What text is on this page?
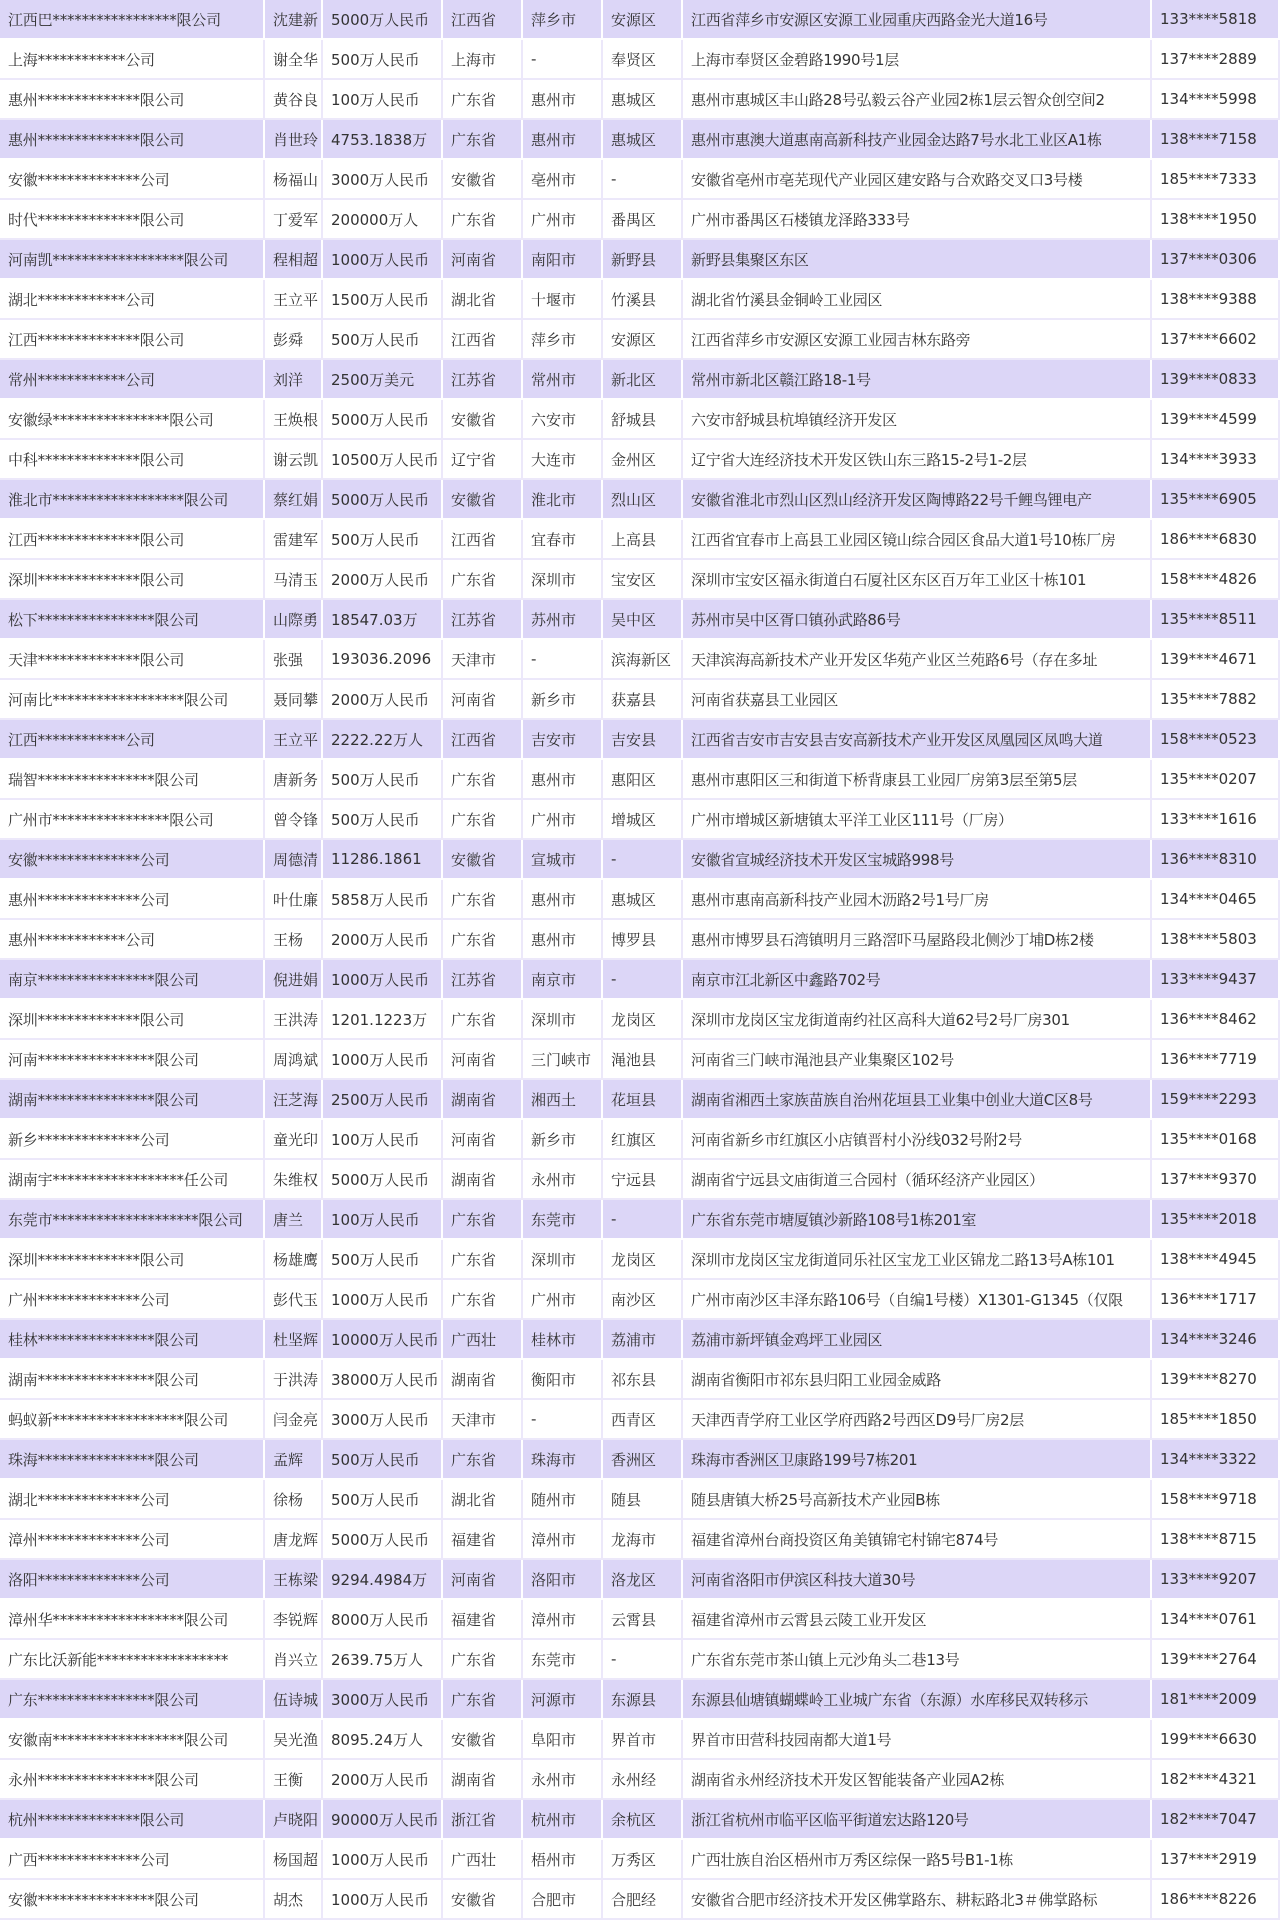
江西巴*****************限公司	沈建新	5000万人民币	江西省	萍乡市	安源区	江西省萍乡市安源区安源工业园重庆西路金光大道16号	133****5818
上海************公司	谢全华	500万人民币	上海市	-	奉贤区	上海市奉贤区金碧路1990号1层	137****2889
惠州**************限公司	黄谷良	100万人民币	广东省	惠州市	惠城区	惠州市惠城区丰山路28号弘毅云谷产业园2栋1层云智众创空间2	134****5998
惠州**************限公司	肖世玲	4753.1838万	广东省	惠州市	惠城区	惠州市惠澳大道惠南高新科技产业园金达路7号水北工业区A1栋	138****7158
安徽**************公司	杨福山	3000万人民币	安徽省	亳州市	-	安徽省亳州市亳芜现代产业园区建安路与合欢路交叉口3号楼	185****7333
时代**************限公司	丁爱军	200000万人	广东省	广州市	番禺区	广州市番禺区石楼镇龙泽路333号	138****1950
河南凯******************限公司	程相超	1000万人民币	河南省	南阳市	新野县	新野县集聚区东区	137****0306
湖北************公司	王立平	1500万人民币	湖北省	十堰市	竹溪县	湖北省竹溪县金铜岭工业园区	138****9388
江西**************限公司	彭舜	500万人民币	江西省	萍乡市	安源区	江西省萍乡市安源区安源工业园吉林东路旁	137****6602
常州************公司	刘洋	2500万美元	江苏省	常州市	新北区	常州市新北区赣江路18-1号	139****0833
安徽绿****************限公司	王焕根	5000万人民币	安徽省	六安市	舒城县	六安市舒城县杭埠镇经济开发区	139****4599
中科**************限公司	谢云凯	10500万人民币	辽宁省	大连市	金州区	辽宁省大连经济技术开发区铁山东三路15-2号1-2层	134****3933
淮北市******************限公司	蔡红娟	5000万人民币	安徽省	淮北市	烈山区	安徽省淮北市烈山区烈山经济开发区陶博路22号千鲤鸟锂电产	135****6905
江西**************限公司	雷建军	500万人民币	江西省	宜春市	上高县	江西省宜春市上高县工业园区镜山综合园区食品大道1号10栋厂房	186****6830
深圳**************限公司	马清玉	2000万人民币	广东省	深圳市	宝安区	深圳市宝安区福永街道白石厦社区东区百万年工业区十栋101	158****4826
松下****************限公司	山際勇	18547.03万	江苏省	苏州市	吴中区	苏州市吴中区胥口镇孙武路86号	135****8511
天津**************限公司	张强	193036.2096	天津市	-	滨海新区	天津滨海高新技术产业开发区华苑产业区兰苑路6号（存在多址	139****4671
河南比******************限公司	聂同攀	2000万人民币	河南省	新乡市	获嘉县	河南省获嘉县工业园区	135****7882
江西************公司	王立平	2222.22万人	江西省	吉安市	吉安县	江西省吉安市吉安县吉安高新技术产业开发区凤凰园区凤鸣大道	158****0523
瑞智****************限公司	唐新务	500万人民币	广东省	惠州市	惠阳区	惠州市惠阳区三和街道下桥背康县工业园厂房第3层至第5层	135****0207
广州市****************限公司	曾令锋	500万人民币	广东省	广州市	增城区	广州市增城区新塘镇太平洋工业区111号（厂房）	133****1616
安徽**************公司	周德清	11286.1861	安徽省	宣城市	-	安徽省宣城经济技术开发区宝城路998号	136****8310
惠州**************公司	叶仕廉	5858万人民币	广东省	惠州市	惠城区	惠州市惠南高新科技产业园木沥路2号1号厂房	134****0465
惠州************公司	王杨	2000万人民币	广东省	惠州市	博罗县	惠州市博罗县石湾镇明月三路滘吓马屋路段北侧沙丁埔D栋2楼	138****5803
南京****************限公司	倪进娟	1000万人民币	江苏省	南京市	-	南京市江北新区中鑫路702号	133****9437
深圳**************限公司	王洪涛	1201.1223万	广东省	深圳市	龙岗区	深圳市龙岗区宝龙街道南约社区高科大道62号2号厂房301	136****8462
河南****************限公司	周鸿斌	1000万人民币	河南省	三门峡市	渑池县	河南省三门峡市渑池县产业集聚区102号	136****7719
湖南****************限公司	汪芝海	2500万人民币	湖南省	湘西土	花垣县	湖南省湘西土家族苗族自治州花垣县工业集中创业大道C区8号	159****2293
新乡**************公司	童光印	100万人民币	河南省	新乡市	红旗区	河南省新乡市红旗区小店镇晋村小汾线032号附2号	135****0168
湖南宇******************任公司	朱维权	5000万人民币	湖南省	永州市	宁远县	湖南省宁远县文庙街道三合园村（循环经济产业园区）	137****9370
东莞市********************限公司	唐兰	100万人民币	广东省	东莞市	-	广东省东莞市塘厦镇沙新路108号1栋201室	135****2018
深圳**************限公司	杨雄鹰	500万人民币	广东省	深圳市	龙岗区	深圳市龙岗区宝龙街道同乐社区宝龙工业区锦龙二路13号A栋101	138****4945
广州**************公司	彭代玉	1000万人民币	广东省	广州市	南沙区	广州市南沙区丰泽东路106号（自编1号楼）X1301-G1345（仅限	136****1717
桂林****************限公司	杜坚辉	10000万人民币	广西壮	桂林市	荔浦市	荔浦市新坪镇金鸡坪工业园区	134****3246
湖南****************限公司	于洪涛	38000万人民币	湖南省	衡阳市	祁东县	湖南省衡阳市祁东县归阳工业园金威路	139****8270
蚂蚁新******************限公司	闫金亮	3000万人民币	天津市	-	西青区	天津西青学府工业区学府西路2号西区D9号厂房2层	185****1850
珠海****************限公司	孟辉	500万人民币	广东省	珠海市	香洲区	珠海市香洲区卫康路199号7栋201	134****3322
湖北**************公司	徐杨	500万人民币	湖北省	随州市	随县	随县唐镇大桥25号高新技术产业园B栋	158****9718
漳州**************公司	唐龙辉	5000万人民币	福建省	漳州市	龙海市	福建省漳州台商投资区角美镇锦宅村锦宅874号	138****8715
洛阳**************公司	王栋梁	9294.4984万	河南省	洛阳市	洛龙区	河南省洛阳市伊滨区科技大道30号	133****9207
漳州华******************限公司	李锐辉	8000万人民币	福建省	漳州市	云霄县	福建省漳州市云霄县云陵工业开发区	134****0761
广东比沃新能******************	肖兴立	2639.75万人	广东省	东莞市	-	广东省东莞市茶山镇上元沙角头二巷13号	139****2764
广东****************限公司	伍诗城	3000万人民币	广东省	河源市	东源县	东源县仙塘镇蝴蝶岭工业城广东省（东源）水库移民双转移示	181****2009
安徽南******************限公司	吴光渔	8095.24万人	安徽省	阜阳市	界首市	界首市田营科技园南都大道1号	199****6630
永州****************限公司	王衡	2000万人民币	湖南省	永州市	永州经	湖南省永州经济技术开发区智能装备产业园A2栋	182****4321
杭州**************限公司	卢晓阳	90000万人民币	浙江省	杭州市	余杭区	浙江省杭州市临平区临平街道宏达路120号	182****7047
广西**************公司	杨国超	1000万人民币	广西壮	梧州市	万秀区	广西壮族自治区梧州市万秀区综保一路5号B1-1栋	137****2919
安徽****************限公司	胡杰	1000万人民币	安徽省	合肥市	合肥经	安徽省合肥市经济技术开发区佛掌路东、耕耘路北3＃佛掌路标	186****8226
